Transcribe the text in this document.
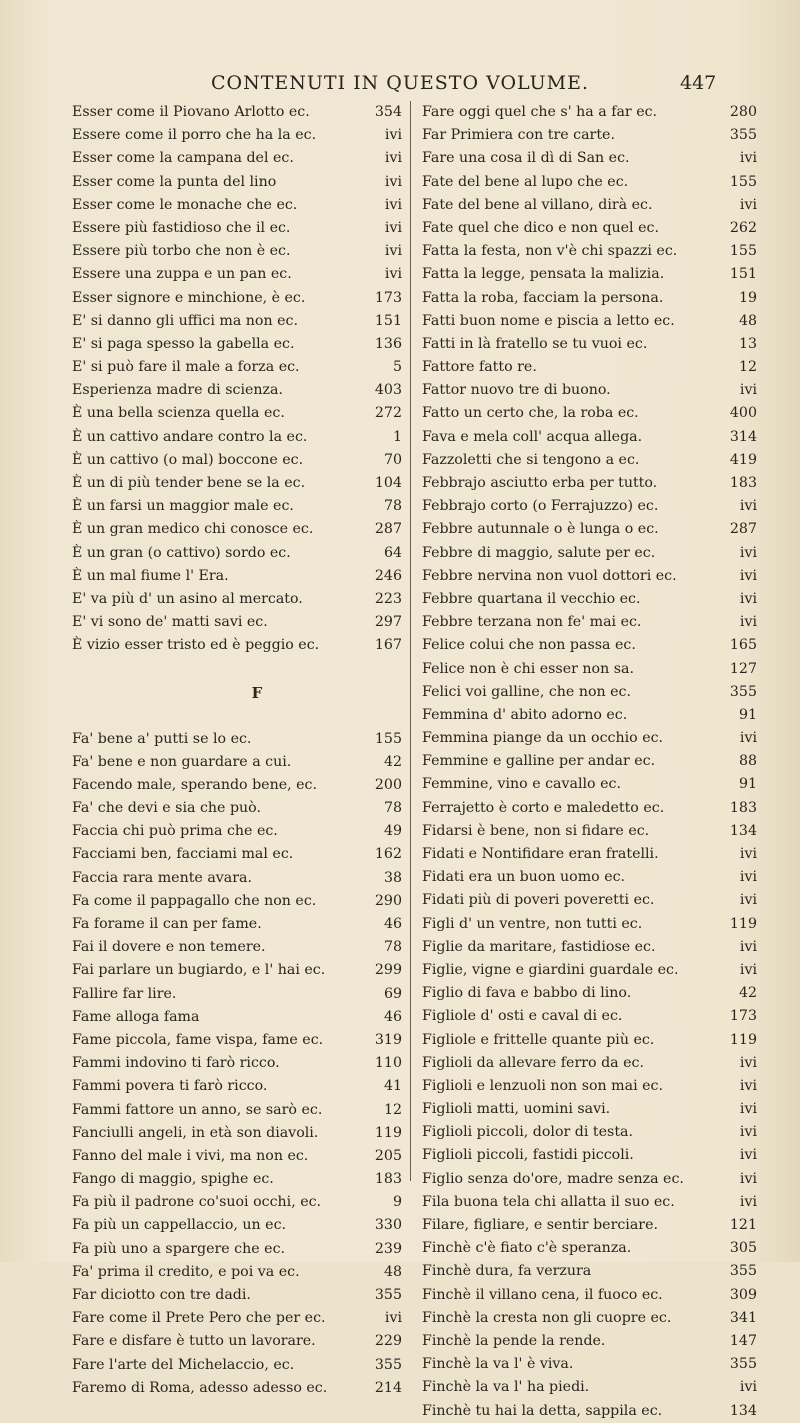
CONTENUTI IN QUESTO VOLUME.	447
Esser come il Piovano Arlotto ec.	354
Essere come il porro che ha la ec.	ivi
Esser come la campana del ec.	ivi
Esser come la punta del lino	ivi
Esser come le monache che ec.	ivi
Essere più fastidioso che il ec.	ivi
Essere più torbo che non è ec.	ivi
Essere una zuppa e un pan ec.	ivi
Esser signore e minchione, è ec.	173
E' si danno gli uffici ma non ec.	151
E' si paga spesso la gabella ec.	136
E' si può fare il male a forza ec.	5
Esperienza madre di scienza.	403
È una bella scienza quella ec.	272
È un cattivo andare contro la ec.	1
È un cattivo (o mal) boccone ec.	70
È un di più tender bene se la ec.	104
È un farsi un maggior male ec.	78
È un gran medico chi conosce ec.	287
È un gran (o cattivo) sordo ec.	64
È un mal fiume l' Era.	246
E' va più d' un asino al mercato.	223
E' vi sono de' matti savi ec.	297
È vizio esser tristo ed è peggio ec.	167
F
Fa' bene a' putti se lo ec.	155
Fa' bene e non guardare a cui.	42
Facendo male, sperando bene, ec.	200
Fa' che devi e sia che può.	78
Faccia chi può prima che ec.	49
Facciami ben, facciami mal ec.	162
Faccia rara mente avara.	38
Fa come il pappagallo che non ec.	290
Fa forame il can per fame.	46
Fai il dovere e non temere.	78
Fai parlare un bugiardo, e l' hai ec.	299
Fallire far lire.	69
Fame alloga fama	46
Fame piccola, fame vispa, fame ec.	319
Fammi indovino ti farò ricco.	110
Fammi povera ti farò ricco.	41
Fammi fattore un anno, se sarò ec.	12
Fanciulli angeli, in età son diavoli.	119
Fanno del male i vivi, ma non ec.	205
Fango di maggio, spighe ec.	183
Fa più il padrone co'suoi occhi, ec.	9
Fa più un cappellaccio, un ec.	330
Fa più uno a spargere che ec.	239
Fa' prima il credito, e poi va ec.	48
Far diciotto con tre dadi.	355
Fare come il Prete Pero che per ec.	ivi
Fare e disfare è tutto un lavorare.	229
Fare l'arte del Michelaccio, ec.	355
Faremo di Roma, adesso adesso ec.	214
Fare oggi quel che s' ha a far ec.	280
Far Primiera con tre carte.	355
Fare una cosa il dì di San ec.	ivi
Fate del bene al lupo che ec.	155
Fate del bene al villano, dirà ec.	ivi
Fate quel che dico e non quel ec.	262
Fatta la festa, non v'è chi spazzi ec.	155
Fatta la legge, pensata la malizia.	151
Fatta la roba, facciam la persona.	19
Fatti buon nome e piscia a letto ec.	48
Fatti in là fratello se tu vuoi ec.	13
Fattore fatto re.	12
Fattor nuovo tre di buono.	ivi
Fatto un certo che, la roba ec.	400
Fava e mela coll' acqua allega.	314
Fazzoletti che si tengono a ec.	419
Febbrajo asciutto erba per tutto.	183
Febbrajo corto (o Ferrajuzzo) ec.	ivi
Febbre autunnale o è lunga o ec.	287
Febbre di maggio, salute per ec.	ivi
Febbre nervina non vuol dottori ec.	ivi
Febbre quartana il vecchio ec.	ivi
Febbre terzana non fe' mai ec.	ivi
Felice colui che non passa ec.	165
Felice non è chi esser non sa.	127
Felici voi galline, che non ec.	355
Femmina d' abito adorno ec.	91
Femmina piange da un occhio ec.	ivi
Femmine e galline per andar ec.	88
Femmine, vino e cavallo ec.	91
Ferrajetto è corto e maledetto ec.	183
Fidarsi è bene, non si fidare ec.	134
Fidati e Nontifidare eran fratelli.	ivi
Fidati era un buon uomo ec.	ivi
Fidati più di poveri poveretti ec.	ivi
Figli d' un ventre, non tutti ec.	119
Figlie da maritare, fastidiose ec.	ivi
Figlie, vigne e giardini guardale ec.	ivi
Figlio di fava e babbo di lino.	42
Figliole d' osti e caval di ec.	173
Figliole e frittelle quante più ec.	119
Figlioli da allevare ferro da ec.	ivi
Figlioli e lenzuoli non son mai ec.	ivi
Figlioli matti, uomini savi.	ivi
Figlioli piccoli, dolor di testa.	ivi
Figlioli piccoli, fastidi piccoli.	ivi
Figlio senza do'ore, madre senza ec.	ivi
Fila buona tela chi allatta il suo ec.	ivi
Filare, figliare, e sentir berciare.	121
Finchè c'è fiato c'è speranza.	305
Finchè dura, fa verzura	355
Finchè il villano cena, il fuoco ec.	309
Finchè la cresta non gli cuopre ec.	341
Finchè la pende la rende.	147
Finchè la va l' è viva.	355
Finchè la va l' ha piedi.	ivi
Finchè tu hai la detta, sappila ec.	134
